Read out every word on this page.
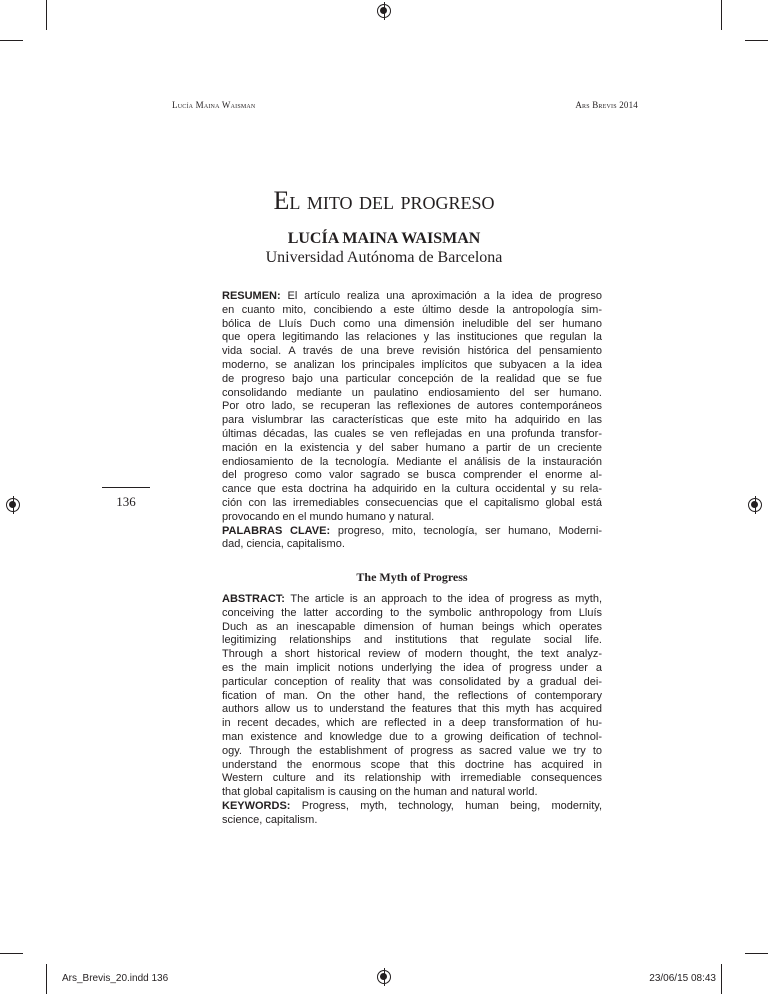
Lucía Maina Waisman	Ars Brevis 2014
El mito del progreso
LUCÍA MAINA WAISMAN
Universidad Autónoma de Barcelona
136
RESUMEN: El artículo realiza una aproximación a la idea de progreso
en cuanto mito, concibiendo a este último desde la antropología sim-
bólica de Lluís Duch como una dimensión ineludible del ser humano
que opera legitimando las relaciones y las instituciones que regulan la
vida social. A través de una breve revisión histórica del pensamiento
moderno, se analizan los principales implícitos que subyacen a la idea
de progreso bajo una particular concepción de la realidad que se fue
consolidando mediante un paulatino endiosamiento del ser humano.
Por otro lado, se recuperan las reflexiones de autores contemporáneos
para vislumbrar las características que este mito ha adquirido en las
últimas décadas, las cuales se ven reflejadas en una profunda transfor-
mación en la existencia y del saber humano a partir de un creciente
endiosamiento de la tecnología. Mediante el análisis de la instauración
del progreso como valor sagrado se busca comprender el enorme al-
cance que esta doctrina ha adquirido en la cultura occidental y su rela-
ción con las irremediables consecuencias que el capitalismo global está
provocando en el mundo humano y natural.
PALABRAS CLAVE: progreso, mito, tecnología, ser humano, Moderni-
dad, ciencia, capitalismo.
The Myth of Progress
ABSTRACT: The article is an approach to the idea of progress as myth,
conceiving the latter according to the symbolic anthropology from Lluís
Duch as an inescapable dimension of human beings which operates
legitimizing relationships and institutions that regulate social life.
Through a short historical review of modern thought, the text analyz-
es the main implicit notions underlying the idea of progress under a
particular conception of reality that was consolidated by a gradual dei-
fication of man. On the other hand, the reflections of contemporary
authors allow us to understand the features that this myth has acquired
in recent decades, which are reflected in a deep transformation of hu-
man existence and knowledge due to a growing deification of technol-
ogy. Through the establishment of progress as sacred value we try to
understand the enormous scope that this doctrine has acquired in
Western culture and its relationship with irremediable consequences
that global capitalism is causing on the human and natural world.
KEYWORDS: Progress, myth, technology, human being, modernity,
science, capitalism.
Ars_Brevis_20.indd 136	23/06/15 08:43
